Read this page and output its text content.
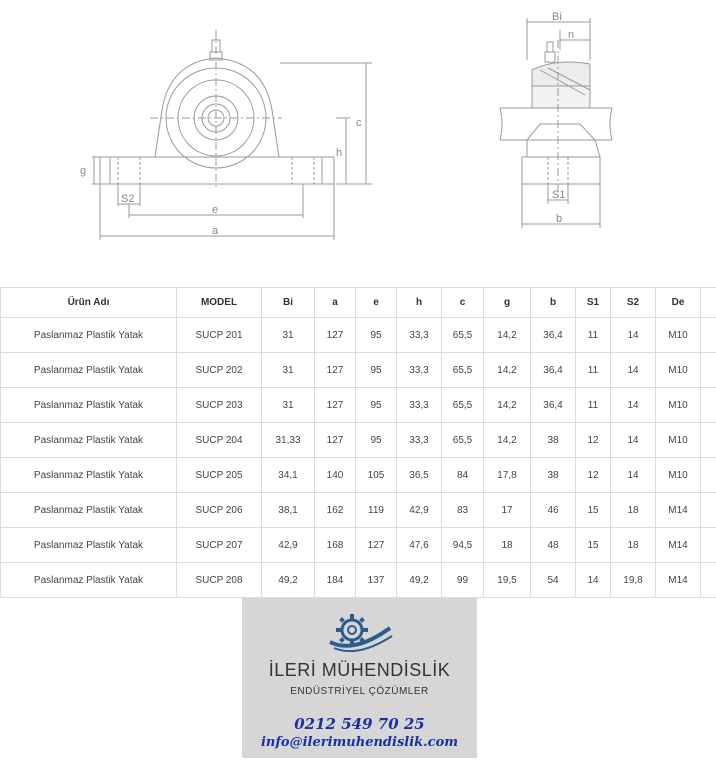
g
S2
e
a
h
c
Bi
n
S1
b
Ürün Adı	MODEL	Bi	a	e	h	c	g	b	S1	S2	De	
Paslanmaz Plastik Yatak	SUCP 201	31	127	95	33,3	65,5	14,2	36,4	11	14	M10	
Paslanmaz Plastik Yatak	SUCP 202	31	127	95	33,3	65,5	14,2	36,4	11	14	M10	
Paslanmaz Plastik Yatak	SUCP 203	31	127	95	33,3	65,5	14,2	36,4	11	14	M10	
Paslanmaz Plastik Yatak	SUCP 204	31,33	127	95	33,3	65,5	14,2	38	12	14	M10	
Paslanmaz Plastik Yatak	SUCP 205	34,1	140	105	36,5	84	17,8	38	12	14	M10	
Paslanmaz Plastik Yatak	SUCP 206	38,1	162	119	42,9	83	17	46	15	18	M14	
Paslanmaz Plastik Yatak	SUCP 207	42,9	168	127	47,6	94,5	18	48	15	18	M14	
Paslanmaz Plastik Yatak	SUCP 208	49,2	184	137	49,2	99	19,5	54	14	19,8	M14	
İLERİ MÜHENDİSLİK
ENDÜSTRİYEL ÇÖZÜMLER
0212 549 70 25
info@ilerimuhendislik.com
